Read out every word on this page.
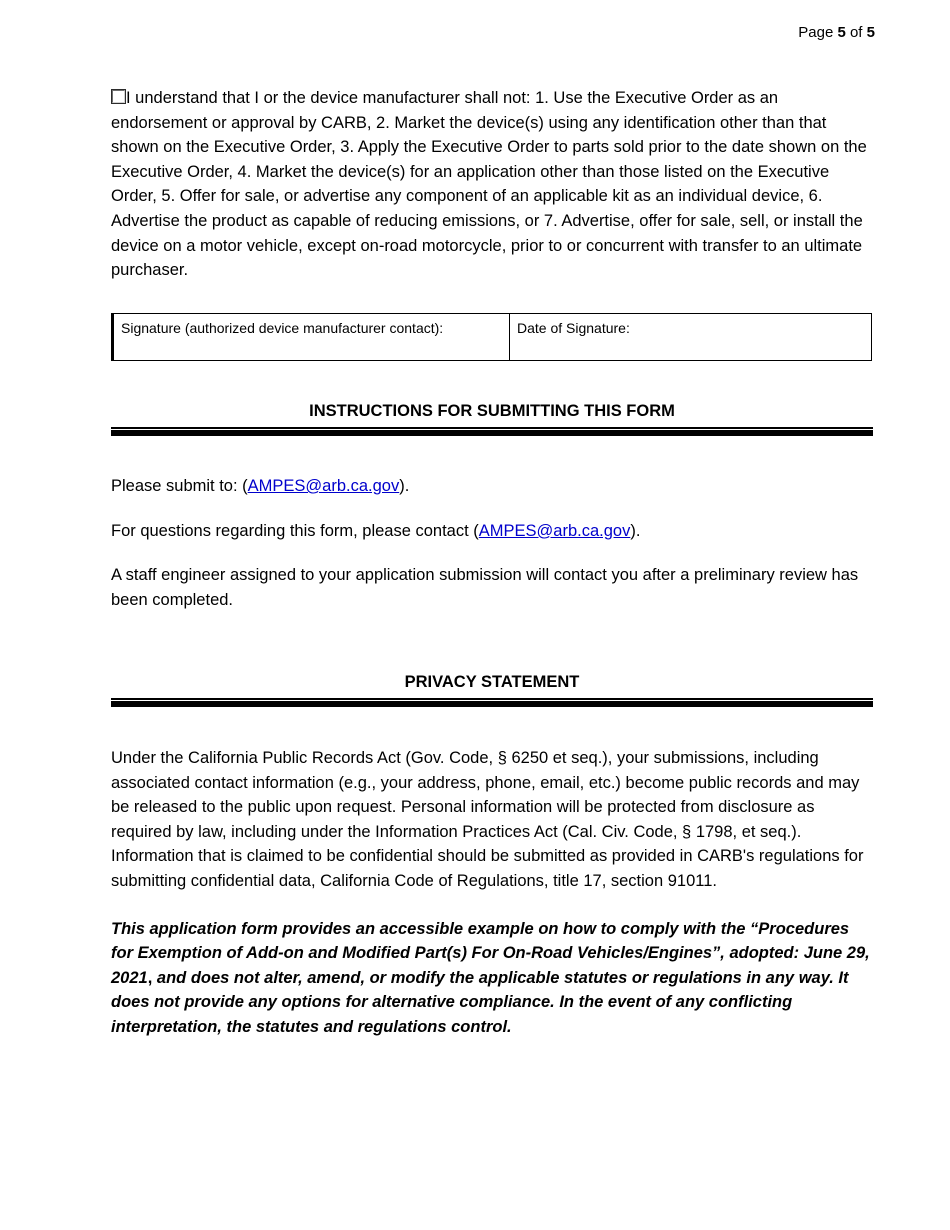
Page 5 of 5

I understand that I or the device manufacturer shall not: 1. Use the Executive Order as an endorsement or approval by CARB, 2. Market the device(s) using any identification other than that shown on the Executive Order, 3. Apply the Executive Order to parts sold prior to the date shown on the Executive Order, 4. Market the device(s) for an application other than those listed on the Executive Order, 5. Offer for sale, or advertise any component of an applicable kit as an individual device, 6. Advertise the product as capable of reducing emissions, or 7. Advertise, offer for sale, sell, or install the device on a motor vehicle, except on-road motorcycle, prior to or concurrent with transfer to an ultimate purchaser.

Signature (authorized device manufacturer contact):	Date of Signature:
INSTRUCTIONS FOR SUBMITTING THIS FORM

Please submit to: (AMPES@arb.ca.gov).

For questions regarding this form, please contact (AMPES@arb.ca.gov).

A staff engineer assigned to your application submission will contact you after a preliminary review has been completed.

PRIVACY STATEMENT

Under the California Public Records Act (Gov. Code, § 6250 et seq.), your submissions, including associated contact information (e.g., your address, phone, email, etc.) become public records and may be released to the public upon request. Personal information will be protected from disclosure as required by law, including under the Information Practices Act (Cal. Civ. Code, § 1798, et seq.). Information that is claimed to be confidential should be submitted as provided in CARB's regulations for submitting confidential data, California Code of Regulations, title 17, section 91011.

This application form provides an accessible example on how to comply with the “Procedures for Exemption of Add-on and Modified Part(s) For On-Road Vehicles/Engines”, adopted: June 29, 2021, and does not alter, amend, or modify the applicable statutes or regulations in any way. It does not provide any options for alternative compliance. In the event of any conflicting interpretation, the statutes and regulations control.
